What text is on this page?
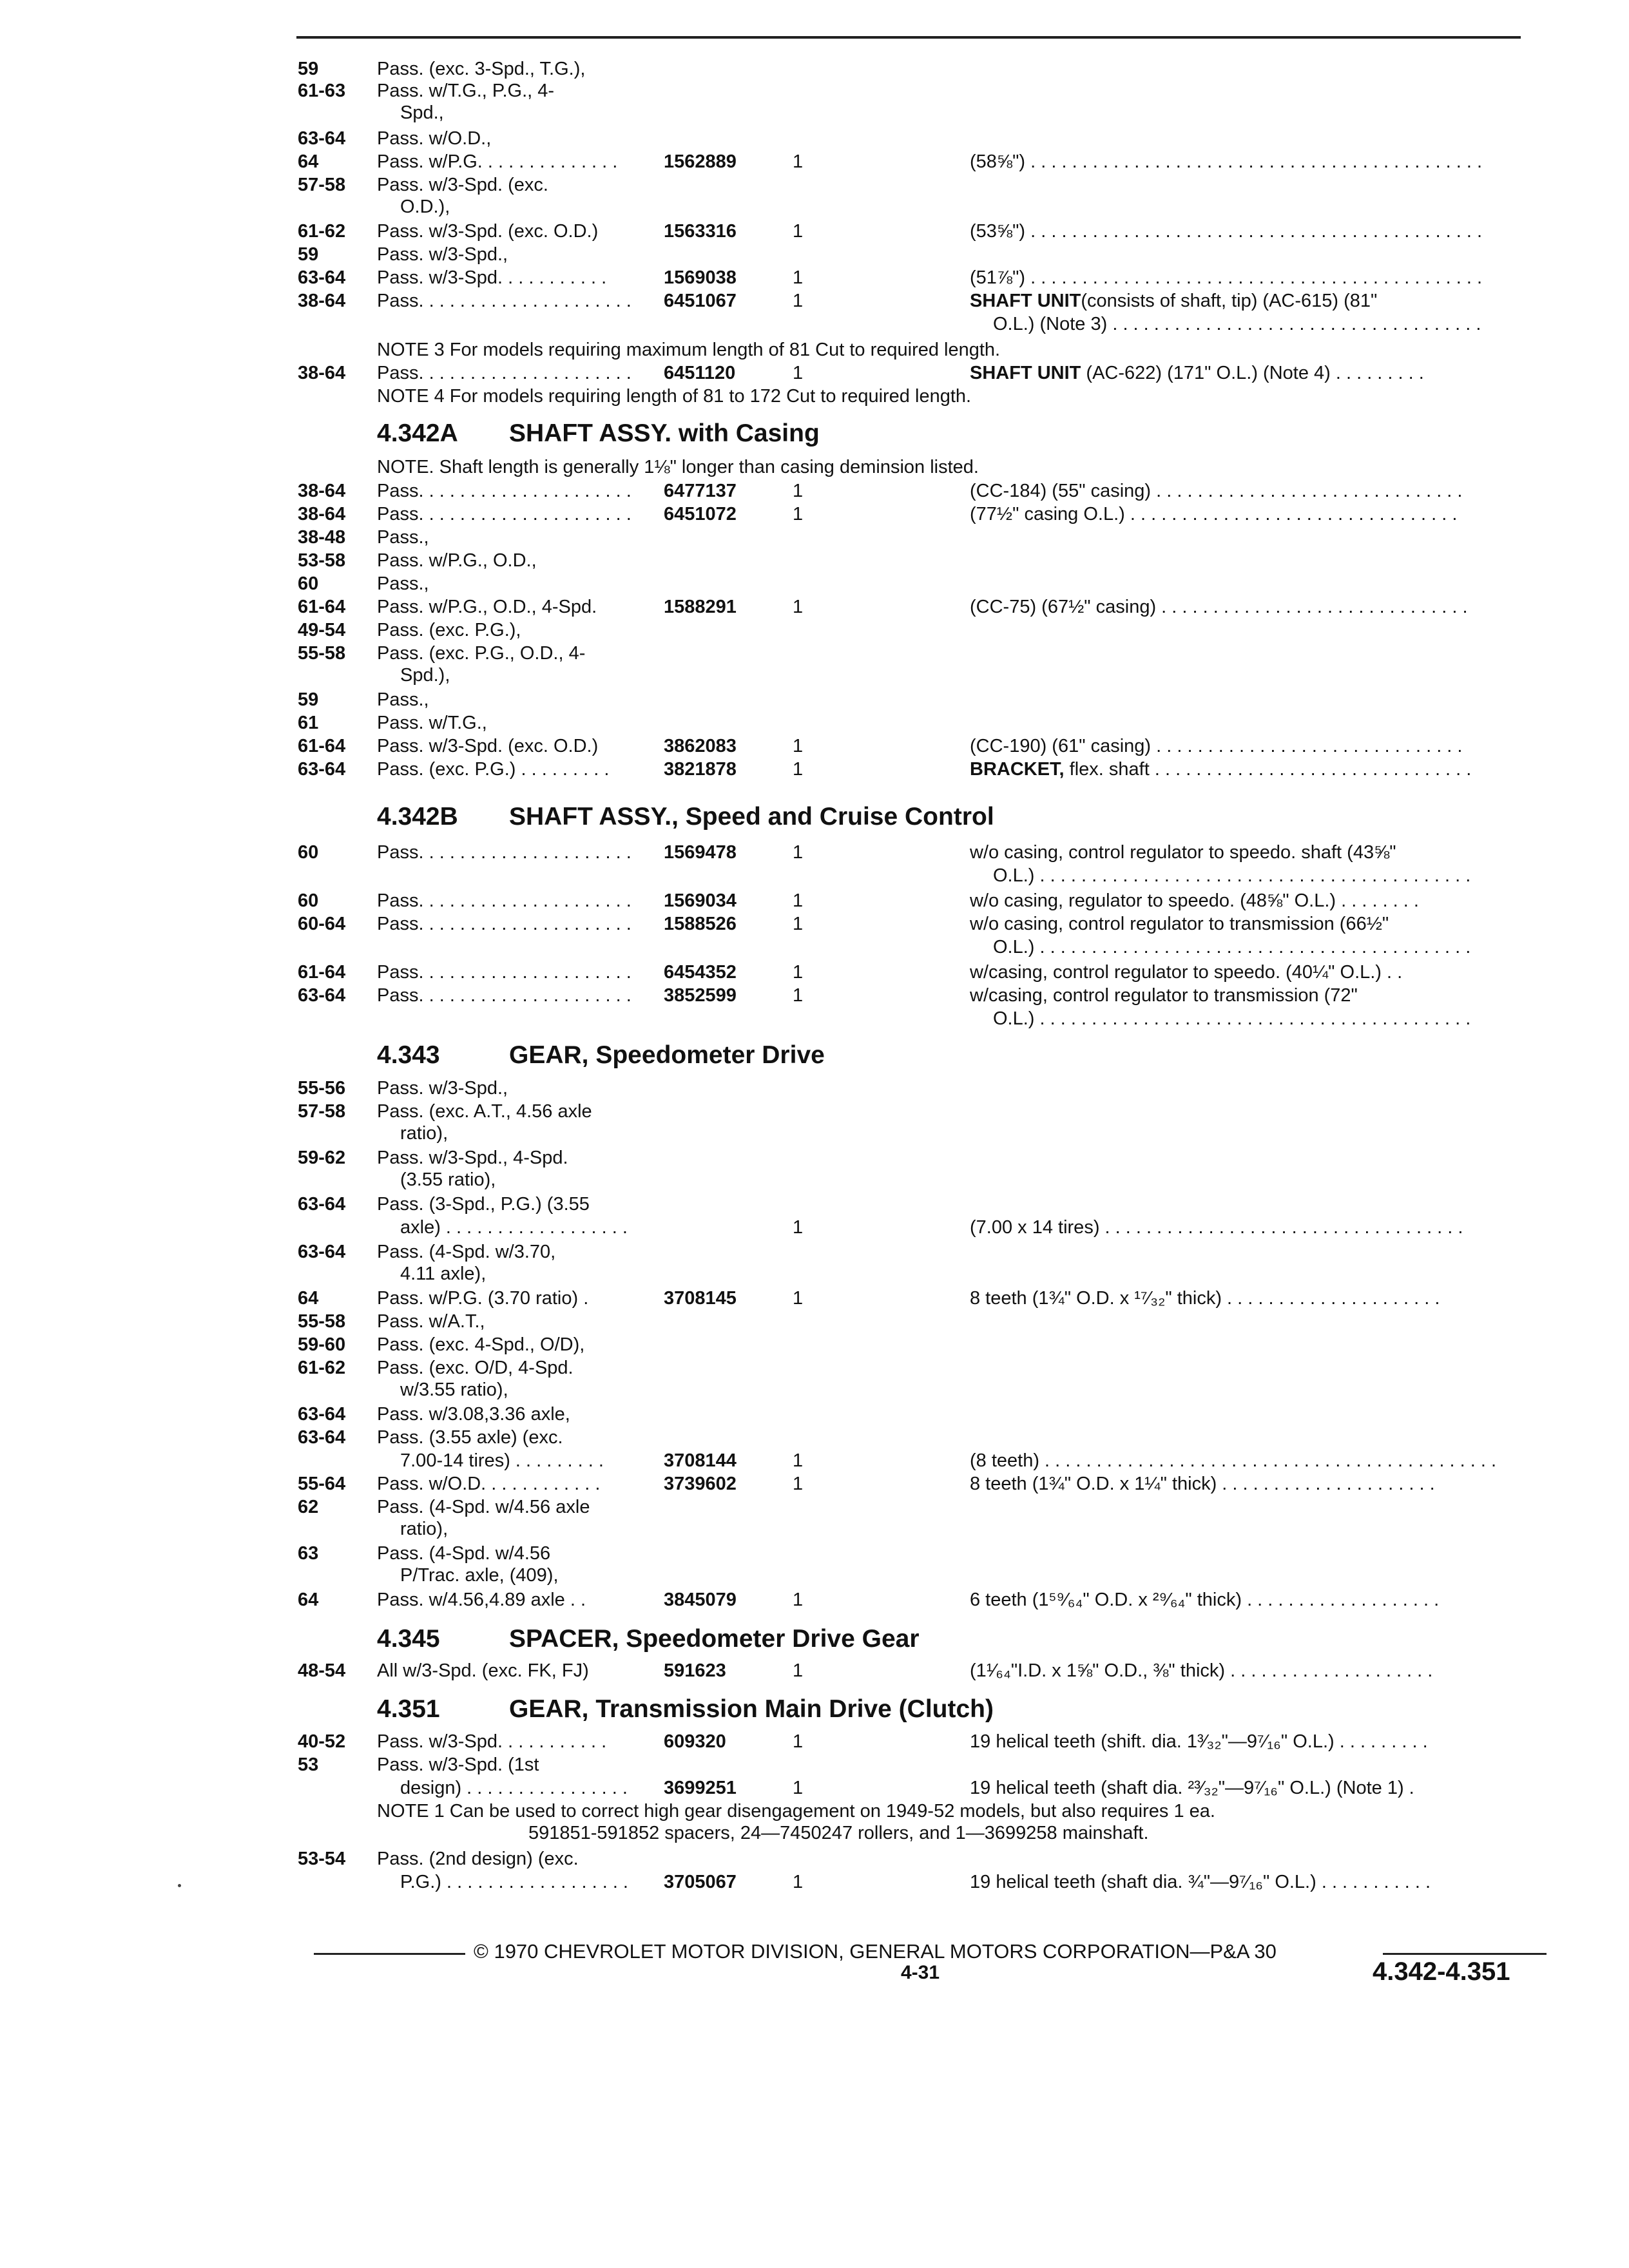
59	Pass. (exc. 3-Spd., T.G.),
61-63 Pass. w/T.G., P.G., 4-
Spd.,
63-64 Pass. w/O.D.,
64	Pass. w/P.G. . . . . . . . . . . . . . 1562889	1	(58⅝") . . . . . . . . . . . . . . . . . . . . . . . . . . . . . . . . . . . . . . . . . . . .
57-58 Pass. w/3-Spd. (exc.
O.D.),
61-62 Pass. w/3-Spd. (exc. O.D.)	1563316	1	(53⅝") . . . . . . . . . . . . . . . . . . . . . . . . . . . . . . . . . . . . . . . . . . . .
59	Pass. w/3-Spd.,
63-64 Pass. w/3-Spd. . . . . . . . . . .	1569038	1	(51⅞") . . . . . . . . . . . . . . . . . . . . . . . . . . . . . . . . . . . . . . . . . . . .
38-64 Pass. . . . . . . . . . . . . . . . . . . . . 6451067	1	SHAFT UNIT(consists of shaft, tip) (AC-615) (81"
O.L.) (Note 3) . . . . . . . . . . . . . . . . . . . . . . . . . . . . . . . . . . . .
NOTE 3 For models requiring maximum length of 81 Cut to required length.
38-64 Pass. . . . . . . . . . . . . . . . . . . . . 6451120	1	SHAFT UNIT (AC-622) (171" O.L.) (Note 4) . . . . . . . . .
NOTE 4 For models requiring length of 81 to 172 Cut to required length.
NOTE. Shaft length is generally 1⅛" longer than casing deminsion listed.
38-64 Pass. . . . . . . . . . . . . . . . . . . . . 6477137	1	(CC-184) (55" casing) . . . . . . . . . . . . . . . . . . . . . . . . . . . . . .
38-64 Pass. . . . . . . . . . . . . . . . . . . . . 6451072	1	(77½" casing O.L.) . . . . . . . . . . . . . . . . . . . . . . . . . . . . . . . .
38-48 Pass.,
53-58 Pass. w/P.G., O.D.,
60	Pass.,
61-64 Pass. w/P.G., O.D., 4-Spd.	1588291	1	(CC-75) (67½" casing) . . . . . . . . . . . . . . . . . . . . . . . . . . . . . .
49-54 Pass. (exc. P.G.),
55-58 Pass. (exc. P.G., O.D., 4-
Spd.),
59	Pass.,
61	Pass. w/T.G.,
61-64 Pass. w/3-Spd. (exc. O.D.)	3862083	1	(CC-190) (61" casing) . . . . . . . . . . . . . . . . . . . . . . . . . . . . . .
63-64 Pass. (exc. P.G.) . . . . . . . . .	3821878	1	BRACKET, flex. shaft . . . . . . . . . . . . . . . . . . . . . . . . . . . . . . .
60	Pass. . . . . . . . . . . . . . . . . . . . . 1569478	1	w/o casing, control regulator to speedo. shaft (43⅝"
O.L.) . . . . . . . . . . . . . . . . . . . . . . . . . . . . . . . . . . . . . . . . . .
60	Pass. . . . . . . . . . . . . . . . . . . . . 1569034	1	w/o casing, regulator to speedo. (48⅝" O.L.) . . . . . . . .
60-64 Pass. . . . . . . . . . . . . . . . . . . . . 1588526	1	w/o casing, control regulator to transmission (66½"
O.L.) . . . . . . . . . . . . . . . . . . . . . . . . . . . . . . . . . . . . . . . . . .
61-64 Pass. . . . . . . . . . . . . . . . . . . . . 6454352	1	w/casing, control regulator to speedo. (40¼" O.L.) . .
63-64 Pass. . . . . . . . . . . . . . . . . . . . . 3852599	1	w/casing, control regulator to transmission (72"
O.L.) . . . . . . . . . . . . . . . . . . . . . . . . . . . . . . . . . . . . . . . . . .
55-56 Pass. w/3-Spd.,
57-58 Pass. (exc. A.T., 4.56 axle
ratio),
59-62 Pass. w/3-Spd., 4-Spd.
(3.55 ratio),
63-64 Pass. (3-Spd., P.G.) (3.55
axle) . . . . . . . . . . . . . . . . . .	1	(7.00 x 14 tires) . . . . . . . . . . . . . . . . . . . . . . . . . . . . . . . . . . .
63-64 Pass. (4-Spd. w/3.70,
4.11 axle),
64	Pass. w/P.G. (3.70 ratio) .	3708145	1	8 teeth (1¾" O.D. x ¹⁷⁄₃₂" thick) . . . . . . . . . . . . . . . . . . . . .
55-58 Pass. w/A.T.,
59-60 Pass. (exc. 4-Spd., O/D),
61-62 Pass. (exc. O/D, 4-Spd.
w/3.55 ratio),
63-64 Pass. w/3.08,3.36 axle,
63-64 Pass. (3.55 axle) (exc.
7.00-14 tires) . . . . . . . . .	3708144	1	(8 teeth) . . . . . . . . . . . . . . . . . . . . . . . . . . . . . . . . . . . . . . . . . . . .
55-64 Pass. w/O.D. . . . . . . . . . . .	3739602	1	8 teeth (1¾" O.D. x 1¼" thick) . . . . . . . . . . . . . . . . . . . . .
62	Pass. (4-Spd. w/4.56 axle
ratio),
63	Pass. (4-Spd. w/4.56
P/Trac. axle, (409),
64	Pass. w/4.56,4.89 axle . .	3845079	1	6 teeth (1⁵⁹⁄₆₄" O.D. x ²⁹⁄₆₄" thick) . . . . . . . . . . . . . . . . . . .
48-54 All w/3-Spd. (exc. FK, FJ)	591623	1	(1¹⁄₆₄"I.D. x 1⅝" O.D., ⅜" thick) . . . . . . . . . . . . . . . . . . . .
40-52 Pass. w/3-Spd. . . . . . . . . . .	609320	1	19 helical teeth (shift. dia. 1³⁄₃₂"—9⁷⁄₁₆" O.L.) . . . . . . . . .
53	Pass. w/3-Spd. (1st
design) . . . . . . . . . . . . . . . . 3699251	1	19 helical teeth (shaft dia. ²³⁄₃₂"—9⁷⁄₁₆" O.L.) (Note 1) .
NOTE 1 Can be used to correct high gear disengagement on 1949-52 models, but also requires 1 ea.
591851-591852 spacers, 24—7450247 rollers, and 1—3699258 mainshaft.
53-54 Pass. (2nd design) (exc.
P.G.) . . . . . . . . . . . . . . . . . . 3705067	1	19 helical teeth (shaft dia. ¾"—9⁷⁄₁₆" O.L.) . . . . . . . . . . .
4.342A SHAFT ASSY. with Casing
4.342B SHAFT ASSY., Speed and Cruise Control
4.343	GEAR, Speedometer Drive
4.345	SPACER, Speedometer Drive Gear
4.351	GEAR, Transmission Main Drive (Clutch)
© 1970 CHEVROLET MOTOR DIVISION, GENERAL MOTORS CORPORATION—P&A 30
4-31	4.342-4.351
